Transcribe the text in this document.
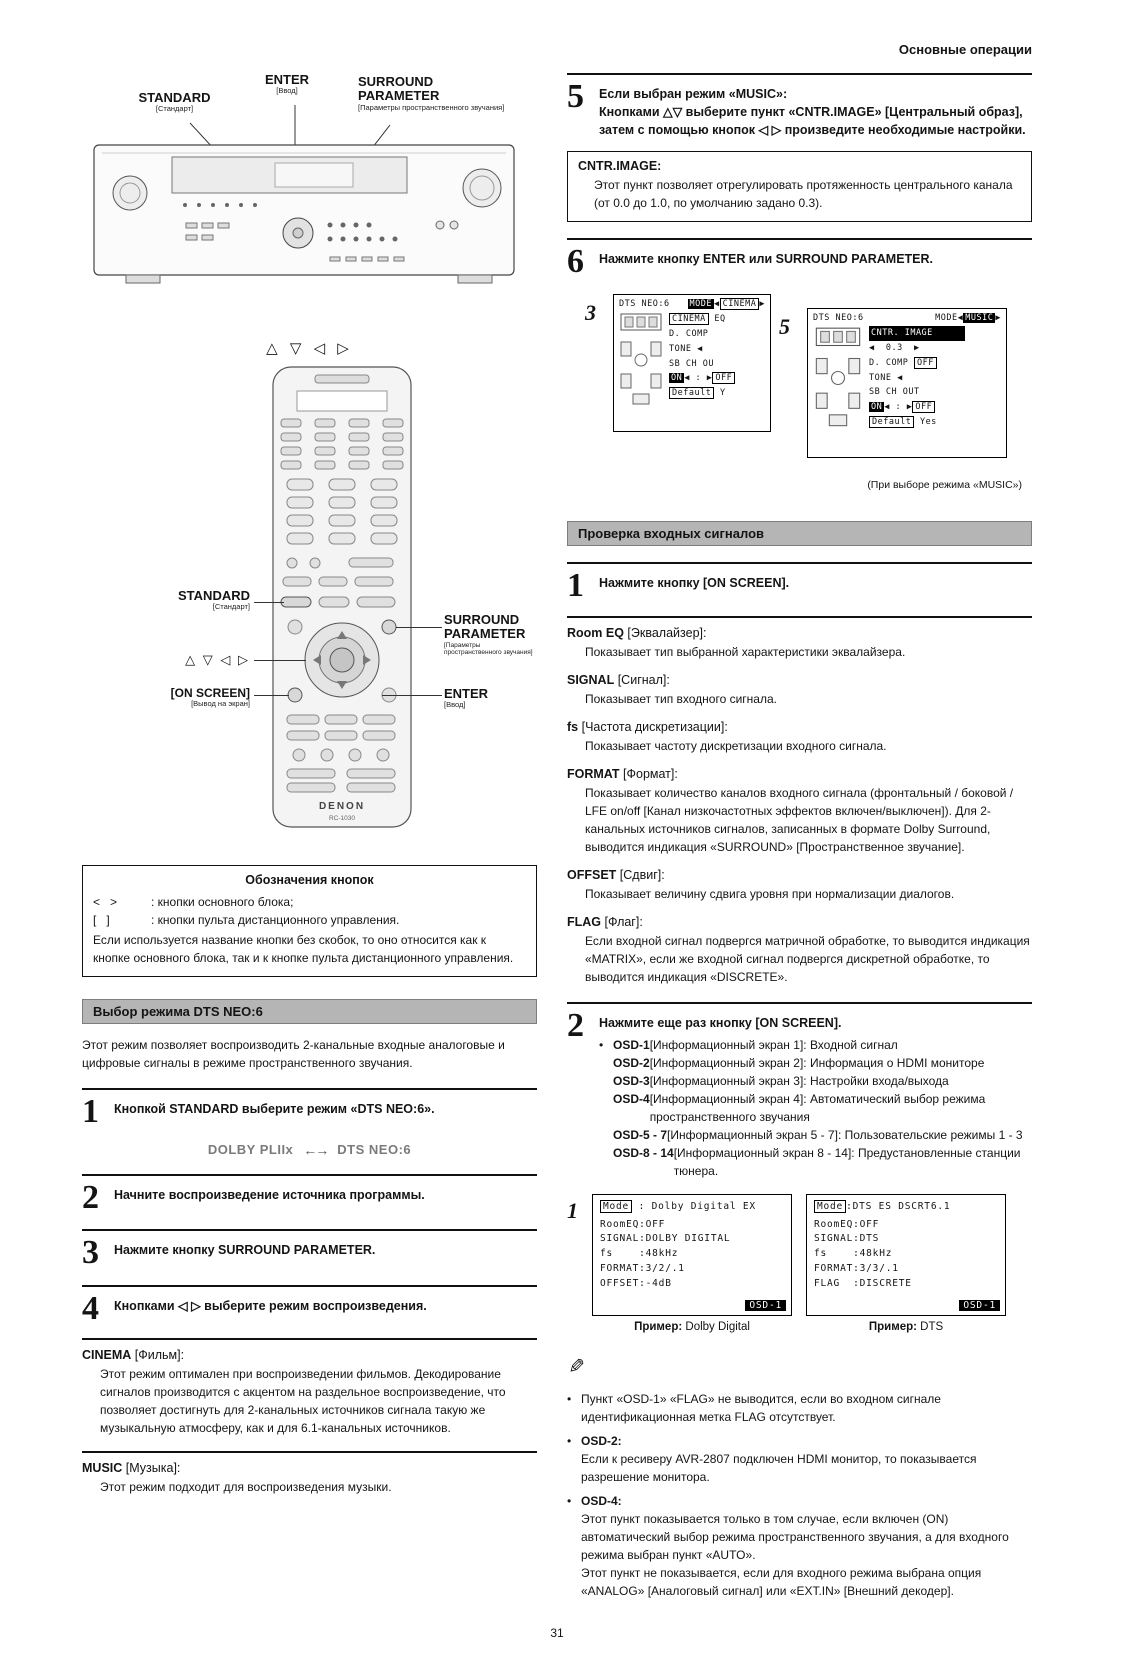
Основные операции
ENTER
[Ввод]
STANDARD
[Стандарт]
SURROUND
PARAMETER
[Параметры пространственного звучания]
△ ▽ ◁ ▷
DENON
RC-1030
STANDARD
[Стандарт]
△ ▽ ◁ ▷
[ON SCREEN]
[Вывод на экран]
SURROUND
PARAMETER
[Параметры пространственного звучания]
ENTER
[Ввод]
Обозначения кнопок
<   >	: кнопки основного блока;
[   ]	: кнопки пульта дистанционного управления.
Если используется название кнопки без скобок, то оно относится как к кнопке основного блока, так и к кнопке пульта дистанционного управления.
Выбор режима DTS NEO:6
Этот режим позволяет воспроизводить 2-канальные входные аналоговые и цифровые сигналы в режиме пространственного звучания.
1 Кнопкой STANDARD выберите режим «DTS NEO:6».
DOLBY PLIIx ←→ DTS NEO:6
2 Начните воспроизведение источника программы.
3 Нажмите кнопку SURROUND PARAMETER.
4 Кнопками ◁ ▷ выберите режим воспроизведения.
CINEMA [Фильм]:
Этот режим оптимален при воспроизведении фильмов. Декодирование сигналов производится с акцентом на раздельное воспроизведение, что позволяет достигнуть для 2-канальных источников сигнала такую же музыкальную атмосферу, как и для 6.1-канальных источников.
MUSIC [Музыка]:
Этот режим подходит для воспроизведения музыки.
5 Если выбран режим «MUSIC»:
Кнопками △▽ выберите пункт «CNTR.IMAGE» [Центральный образ], затем с помощью кнопок ◁ ▷ произведите необходимые настройки.
CNTR.IMAGE:
Этот пункт позволяет отрегулировать протяженность центрального канала (от 0.0 до 1.0, по умолчанию задано 0.3).
6 Нажмите кнопку ENTER или SURROUND PARAMETER.
3	DTS NEO:6 MODE ◀ CINEMA ▶
CINEMA EQ
D. COMP
TONE ◀
SB CH OU
ON ◀ : ▶ OFF
Default Y
5	DTS NEO:6	MODE◀ MUSIC ▶
CNTR. IMAGE
◀  0.3  ▶
D. COMP OFF
TONE ◀
SB CH OUT
ON ◀ : ▶ OFF
Default Yes
(При выборе режима «MUSIC»)
Проверка входных сигналов
1 Нажмите кнопку [ON SCREEN].
Room EQ [Эквалайзер]:
Показывает тип выбранной характеристики эквалайзера.
SIGNAL [Сигнал]:
Показывает тип входного сигнала.
fs [Частота дискретизации]:
Показывает частоту дискретизации входного сигнала.
FORMAT [Формат]:
Показывает количество каналов входного сигнала (фронтальный / боковой / LFE on/off [Канал низкочастотных эффектов включен/выключен]). Для 2-канальных источников сигналов, записанных в формате Dolby Surround, выводится индикация «SURROUND» [Пространственное звучание].
OFFSET [Сдвиг]:
Показывает величину сдвига уровня при нормализации диалогов.
FLAG [Флаг]:
Если входной сигнал подвергся матричной обработке, то выводится индикация «MATRIX», если же входной сигнал подвергся дискретной обработке, то выводится индикация «DISCRETE».
2 Нажмите еще раз кнопку [ON SCREEN].
• OSD-1 [Информационный экран 1]: Входной сигнал
OSD-2 [Информационный экран 2]: Информация о HDMI мониторе
OSD-3 [Информационный экран 3]: Настройки входа/выхода
OSD-4 [Информационный экран 4]: Автоматический выбор режима пространственного звучания
OSD-5 - 7 [Информационный экран 5 - 7]: Пользовательские режимы 1 - 3
OSD-8 - 14 [Информационный экран 8 - 14]: Предустановленные станции тюнера.
1	Mode : Dolby Digital EX
RoomEQ:OFF
SIGNAL:DOLBY DIGITAL
fs    :48kHz
FORMAT:3/2/.1
OFFSET:-4dB
OSD-1
Пример: Dolby Digital
Mode :DTS ES DSCRT6.1
RoomEQ:OFF
SIGNAL:DTS
fs    :48kHz
FORMAT:3/3/.1
FLAG  :DISCRETE
OSD-1
Пример: DTS
✎
• Пункт «OSD-1» «FLAG» не выводится, если во входном сигнале идентификационная метка FLAG отсутствует.
• OSD-2:
Если к ресиверу AVR-2807 подключен HDMI монитор, то показывается разрешение монитора.
• OSD-4:
Этот пункт показывается только в том случае, если включен (ON) автоматический выбор режима пространственного звучания, а для входного режима выбран пункт «AUTO».
Этот пункт не показывается, если для входного режима выбрана опция «ANALOG» [Аналоговый сигнал] или «EXT.IN» [Внешний декодер].
31
